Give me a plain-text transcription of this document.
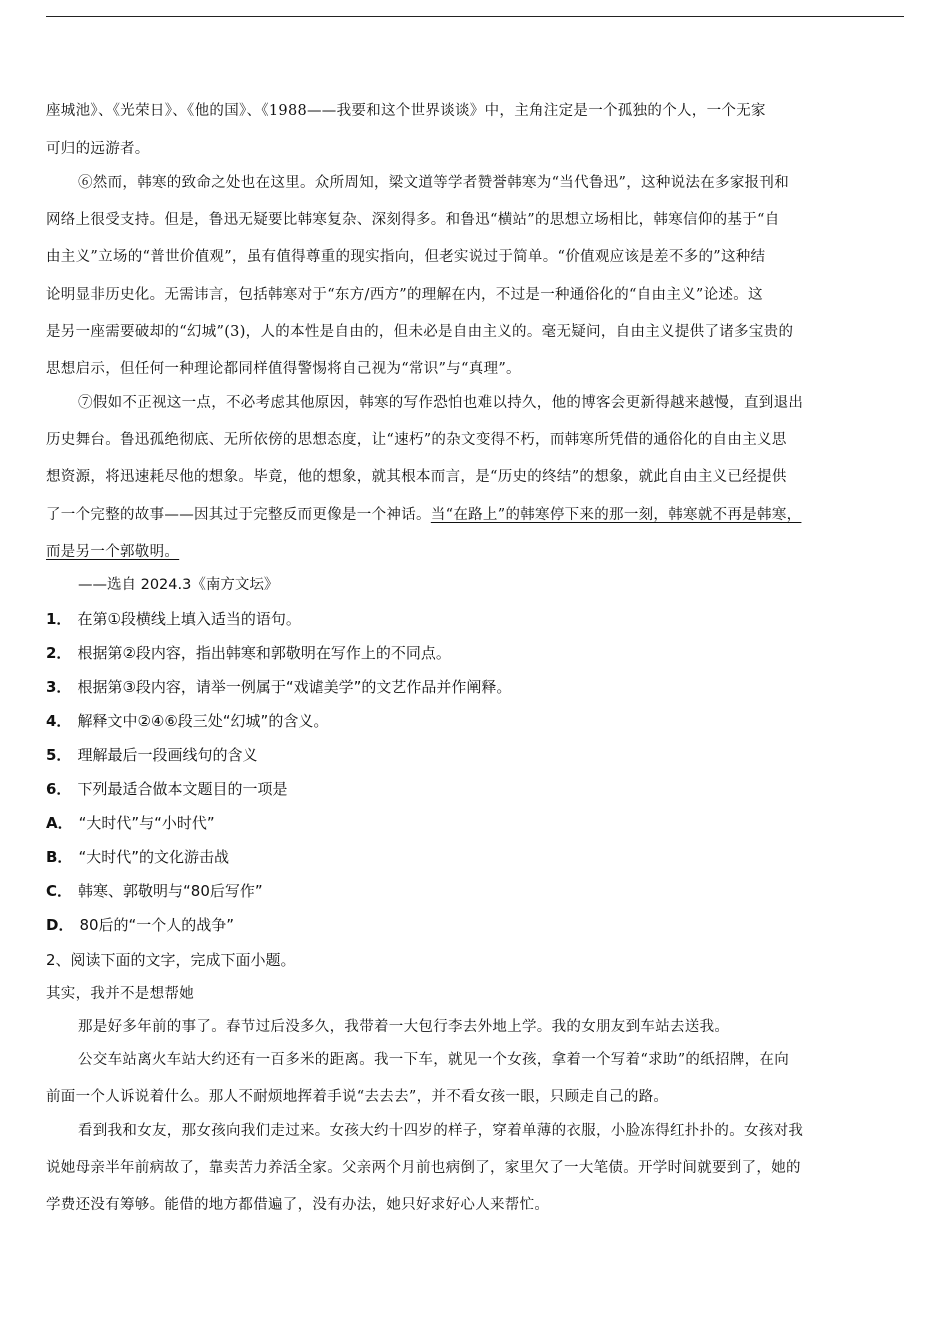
座城池》、《光荣日》、《他的国》、《1988——我要和这个世界谈谈》中，主角注定是一个孤独的个人，一个无家
可归的远游者。
⑥然而，韩寒的致命之处也在这里。众所周知，梁文道等学者赞誉韩寒为“当代鲁迅”，这种说法在多家报刊和
网络上很受支持。但是，鲁迅无疑要比韩寒复杂、深刻得多。和鲁迅“横站”的思想立场相比，韩寒信仰的基于“自
由主义”立场的“普世价值观”，虽有值得尊重的现实指向，但老实说过于简单。“价值观应该是差不多的”这种结
论明显非历史化。无需讳言，包括韩寒对于“东方/西方”的理解在内，不过是一种通俗化的“自由主义”论述。这
是另一座需要破却的“幻城”(3)，人的本性是自由的，但未必是自由主义的。毫无疑问，自由主义提供了诸多宝贵的
思想启示，但任何一种理论都同样值得警惕将自己视为“常识”与“真理”。
⑦假如不正视这一点，不必考虑其他原因，韩寒的写作恐怕也难以持久，他的博客会更新得越来越慢，直到退出
历史舞台。鲁迅孤绝彻底、无所依傍的思想态度，让“速朽”的杂文变得不朽，而韩寒所凭借的通俗化的自由主义思
想资源，将迅速耗尽他的想象。毕竟，他的想象，就其根本而言，是“历史的终结”的想象，就此自由主义已经提供
了一个完整的故事——因其过于完整反而更像是一个神话。当“在路上”的韩寒停下来的那一刻，韩寒就不再是韩寒，
而是另一个郭敬明。
——选自 2024.3《南方文坛》
1． 在第①段横线上填入适当的语句。
2． 根据第②段内容，指出韩寒和郭敬明在写作上的不同点。
3． 根据第③段内容，请举一例属于“戏谑美学”的文艺作品并作阐释。
4． 解释文中②④⑥段三处“幻城”的含义。
5． 理解最后一段画线句的含义
6． 下列最适合做本文题目的一项是
A． “大时代”与“小时代”
B． “大时代”的文化游击战
C． 韩寒、郭敬明与“80后写作”
D． 80后的“一个人的战争”
2、阅读下面的文字，完成下面小题。
其实，我并不是想帮她
那是好多年前的事了。春节过后没多久，我带着一大包行李去外地上学。我的女朋友到车站去送我。
公交车站离火车站大约还有一百多米的距离。我一下车，就见一个女孩，拿着一个写着“求助”的纸招牌，在向
前面一个人诉说着什么。那人不耐烦地挥着手说“去去去”，并不看女孩一眼，只顾走自己的路。
看到我和女友，那女孩向我们走过来。女孩大约十四岁的样子，穿着单薄的衣服，小脸冻得红扑扑的。女孩对我
说她母亲半年前病故了，靠卖苦力养活全家。父亲两个月前也病倒了，家里欠了一大笔债。开学时间就要到了，她的
学费还没有筹够。能借的地方都借遍了，没有办法，她只好求好心人来帮忙。
